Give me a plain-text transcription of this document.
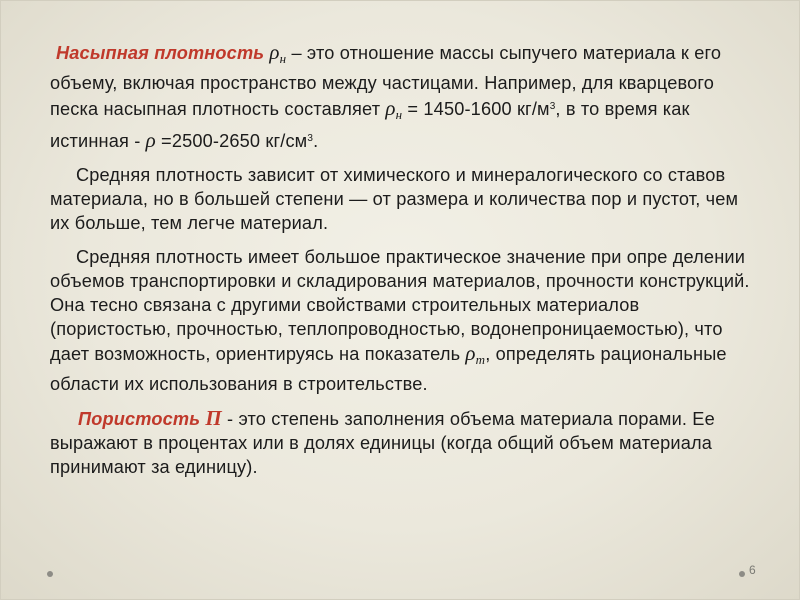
Насыпная плотность $\rho_н$ – это отношение массы сыпучего материала к его объему, включая пространство между частицами. Например, для кварцевого песка насыпная плотность составляет $\rho_н = 1450-1600$ $кг/м^3$, в то время как истинная - ρ =2500-2650 $кг/см^3$.

Средняя плотность зависит от химического и минералогического со ставов материала, но в большей степени — от размера и количества пор и пустот, чем их больше, тем легче материал.

Средняя плотность имеет большое практическое значение при опре делении объемов транспортировки и складирования материалов, прочности конструкций. Она тесно связана с другими свойствами строительных материалов (пористостью, прочностью, теплопроводностью, водонепроницаемостью), что дает возможность, ориентируясь на показатель $\rho_m$, определять рациональные области их использования в строительстве.

Пористость П - это степень заполнения объема материала порами. Ее выражают в процентах или в долях единицы (когда общий объем материала принимают за единицу).

6
